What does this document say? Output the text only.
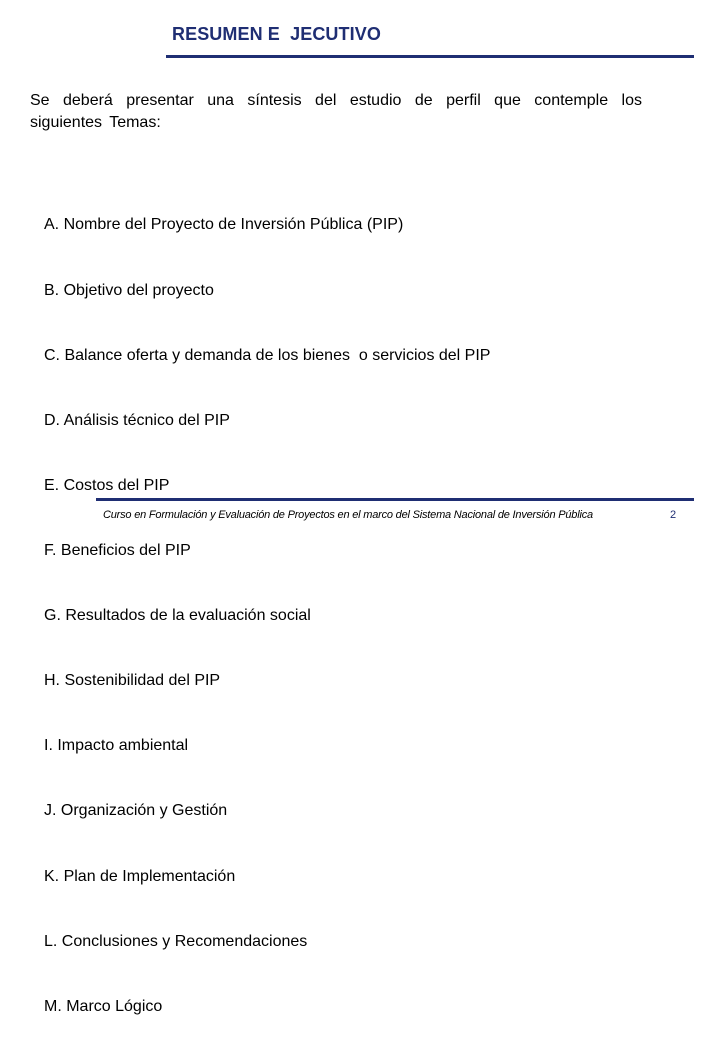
RESUMEN E  JECUTIVO

Se deberá presentar una síntesis del estudio de perfil que contemple los siguientes Temas:

A. Nombre del Proyecto de Inversión Pública (PIP)

B. Objetivo del proyecto

C. Balance oferta y demanda de los bienes  o servicios del PIP

D. Análisis técnico del PIP

E. Costos del PIP

F. Beneficios del PIP

G. Resultados de la evaluación social

H. Sostenibilidad del PIP

I. Impacto ambiental

J. Organización y Gestión

K. Plan de Implementación

L. Conclusiones y Recomendaciones

M. Marco Lógico

Curso en Formulación y Evaluación de Proyectos en el marco del Sistema Nacional de Inversión Pública	2
